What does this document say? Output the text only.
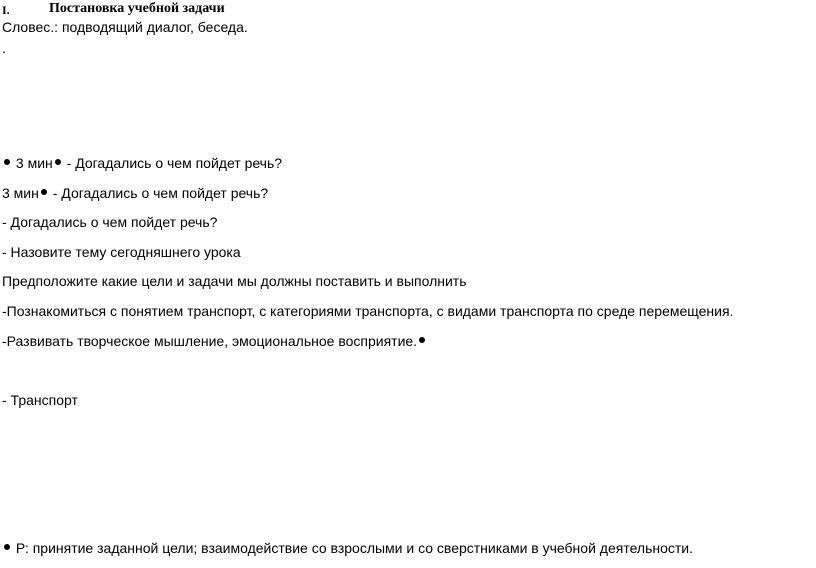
I.	Постановка учебной задачи
Словес.: подводящий диалог, беседа.
.
3 мин - Догадались о чем пойдет речь?
3 мин - Догадались о чем пойдет речь?
- Догадались о чем пойдет речь?
- Назовите тему сегодняшнего урока
Предположите какие цели и задачи мы должны поставить и выполнить
-Познакомиться с понятием транспорт, с категориями транспорта, с видами транспорта по среде перемещения.
-Развивать творческое мышление, эмоциональное восприятие.
- Транспорт
Р: принятие заданной цели; взаимодействие со взрослыми и со сверстниками в учебной деятельности.
